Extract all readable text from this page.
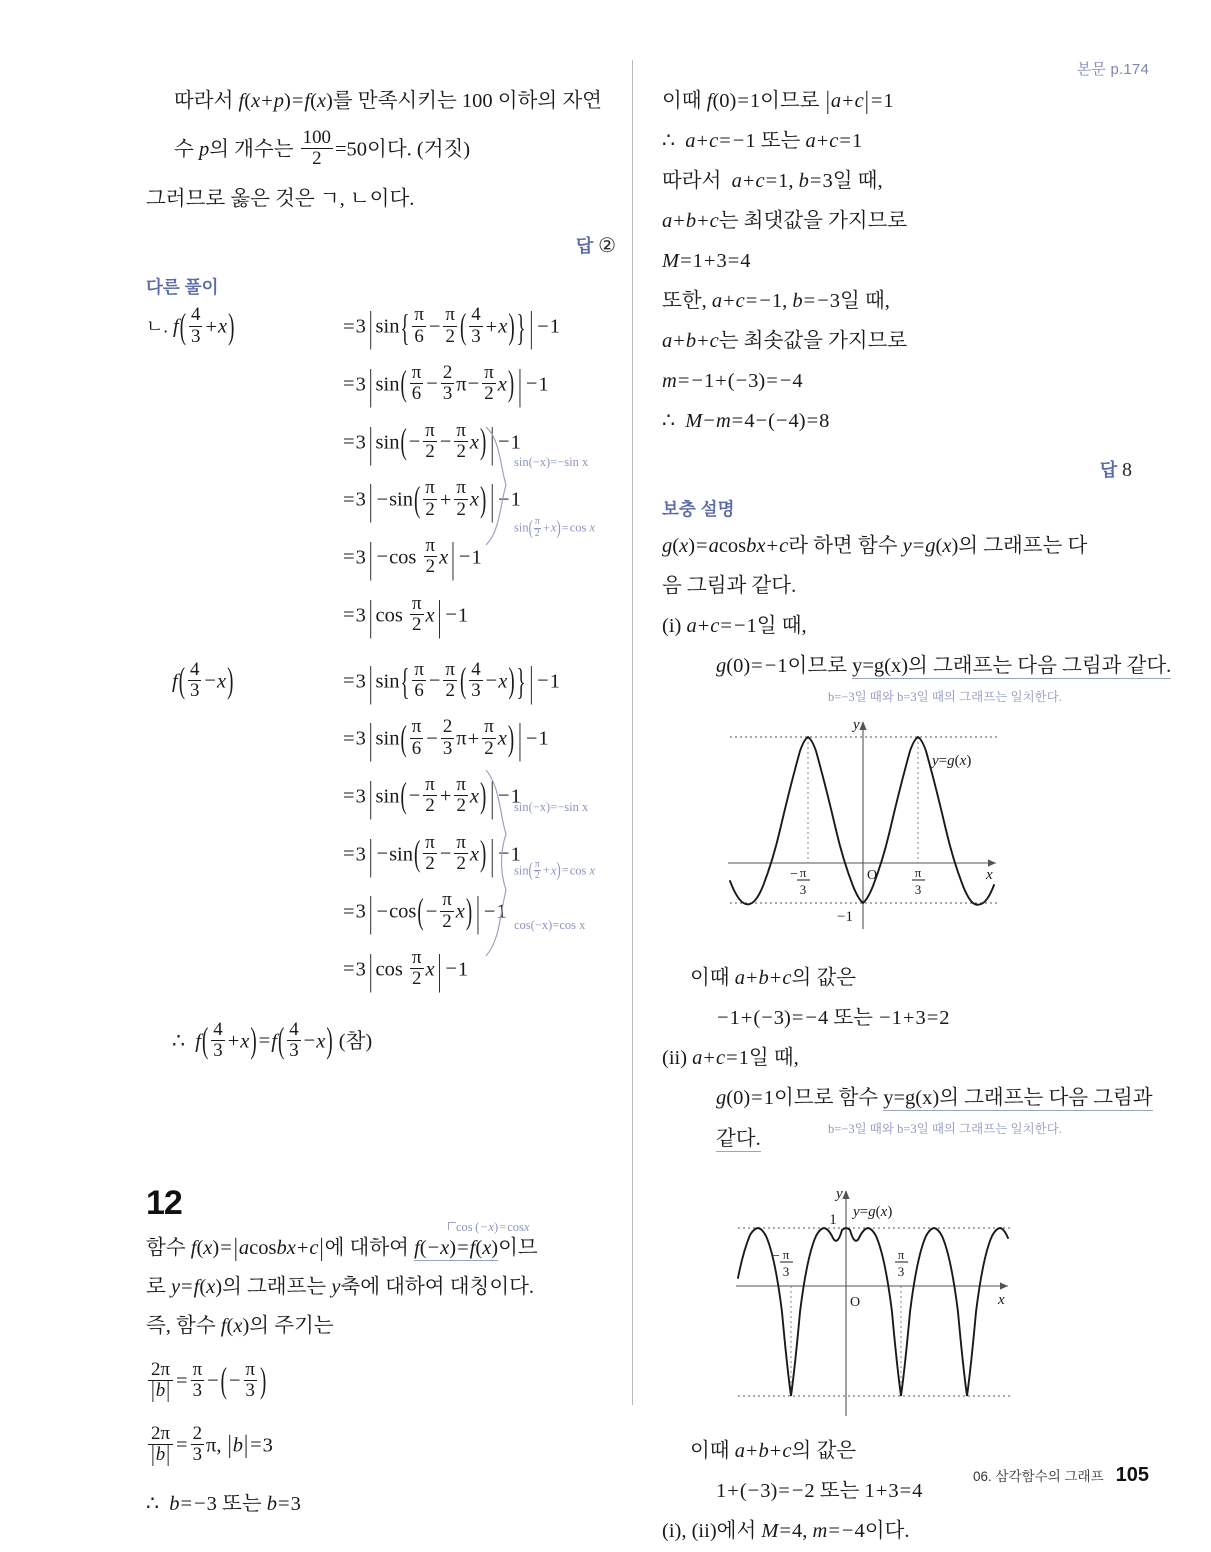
본문 p.174
따라서 f(x+p)=f(x)를 만족시키는 100 이하의 자연
수 p의 개수는 $\frac{100}{2} =50$이다. (거짓)
그러므로 옳은 것은 ㄱ, ㄴ이다.
답 ②
다른 풀이
ㄴ. $f( \frac{4}{3} +x)$	=3 | $\sin\{ \frac{\pi}{6} - \frac{\pi}{2}$ ( $\frac{4}{3} +x$) } | −1
=3 | $\sin( \frac{\pi}{6} - \frac{2}{3} \pi- \frac{\pi}{2} x)$ | −1
=3 | $\sin(- \frac{\pi}{2} - \frac{\pi}{2} x)$ | −1
=3 | $-\sin( \frac{\pi}{2} + \frac{\pi}{2} x)$ | −1
=3 | $-\cos \frac{\pi}{2}$ x | −1
=3 | $\cos \frac{\pi}{2}$ x | −1
sin(−x)=−sin x
$\sin( \frac{\pi}{2} +x)=\cos$ x
$f( \frac{4}{3} -x)$	=3 | $\sin\{ \frac{\pi}{6} - \frac{\pi}{2}$ ( $\frac{4}{3} -x$) } | −1
=3 | $\sin( \frac{\pi}{6} - \frac{2}{3} \pi+ \frac{\pi}{2} x)$ | −1
=3 | $\sin(- \frac{\pi}{2} + \frac{\pi}{2} x)$ | −1
=3 | $-\sin( \frac{\pi}{2} - \frac{\pi}{2} x)$ | −1
=3 | $-\cos(- \frac{\pi}{2} x)$ | −1
=3 | $\cos \frac{\pi}{2}$ x | −1
sin(−x)=−sin x
$\sin( \frac{\pi}{2} +x)=\cos$ x
cos(−x)=cos x
∴  $f( \frac{4}{3} +x)=f( \frac{4}{3} -x)$ (참)
12
cos (−x)=cosx
함수 f(x)=|acosbx+c|에 대하여 f(−x)=f(x)이므
로 y=f(x)의 그래프는 y축에 대하여 대칭이다.
즉, 함수 f(x)의 주기는
$\frac{2\pi}{|b|} = \frac{\pi}{3}$ − (− $\frac{\pi}{3}$ )
$\frac{2\pi}{|b|} = \frac{2}{3} \pi$, |b|=3
∴  b=−3 또는 b=3
이때 f(0)=1이므로 |a+c|=1
∴  a+c=−1 또는 a+c=1
따라서  a+c=1, b=3일 때,
a+b+c는 최댓값을 가지므로
M=1+3=4
또한, a+c=−1, b=−3일 때,
a+b+c는 최솟값을 가지므로
m=−1+(−3)=−4
∴  M−m=4−(−4)=8
답 8
보충 설명
g(x)=acosbx+c라 하면 함수 y=g(x)의 그래프는 다
음 그림과 같다.
(i) a+c=−1일 때,
g(0)=−1이므로 y=g(x)의 그래프는 다음 그림과 같다.
b=−3일 때와 b=3일 때의 그래프는 일치한다.
y
x
O
y=g(x)
− π
3
π
3
−1
이때 a+b+c의 값은
−1+(−3)=−4 또는 −1+3=2
(ii) a+c=1일 때,
g(0)=1이므로 함수 y=g(x)의 그래프는 다음 그림과
b=−3일 때와 b=3일 때의 그래프는 일치한다.
같다.
y
x
O
1 y=g(x)
− π
3
π
3
이때 a+b+c의 값은
1+(−3)=−2 또는 1+3=4
(i), (ii)에서 M=4, m=−4이다.
06. 삼각함수의 그래프 105
